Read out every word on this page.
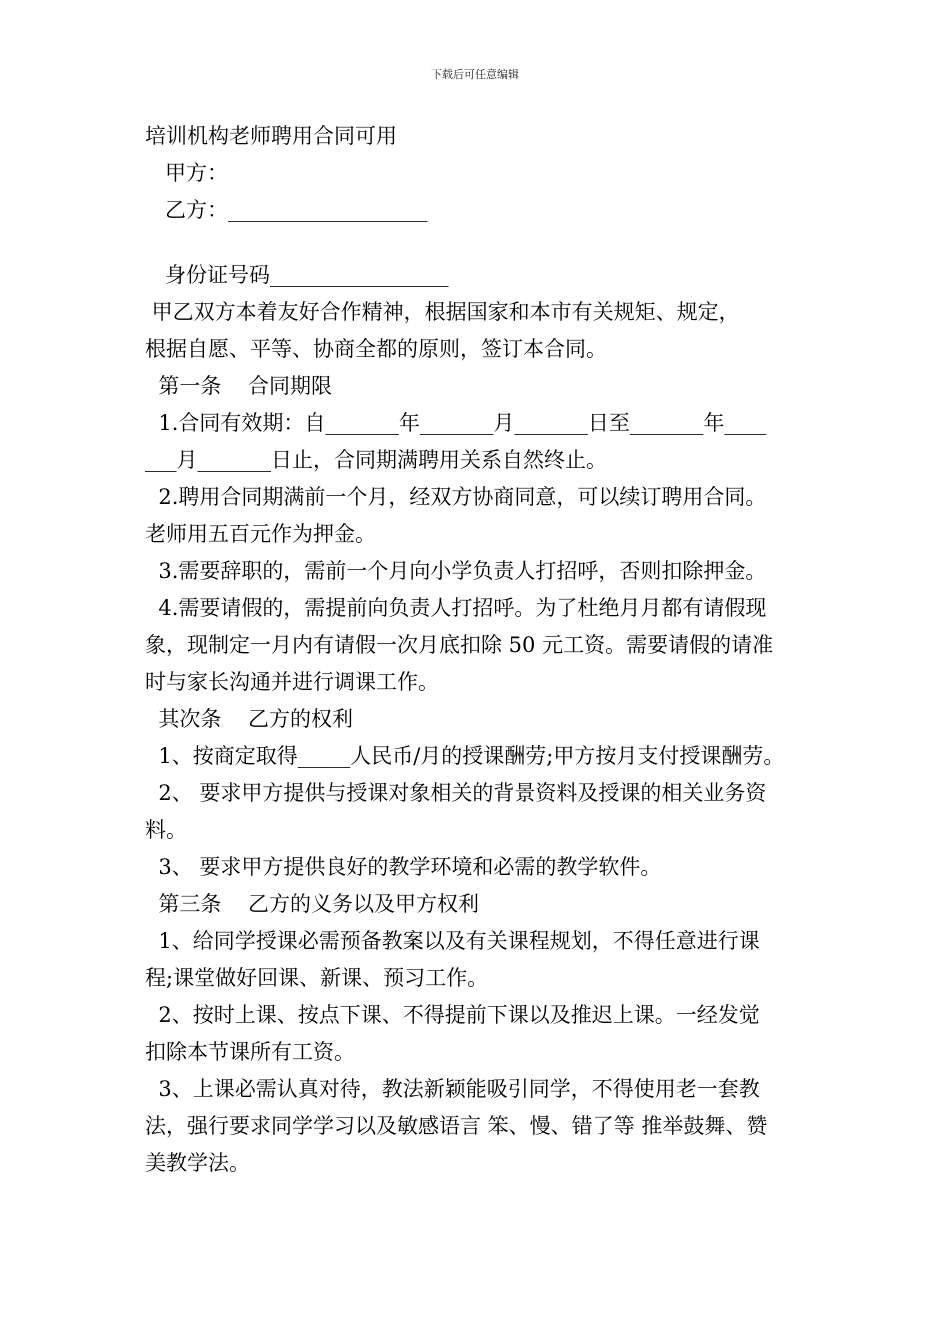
下载后可任意编辑
培训机构老师聘用合同可用
甲方：
乙方：___________________
身份证号码_________________
甲乙双方本着友好合作精神，根据国家和本市有关规矩、规定，
根据自愿、平等、协商全都的原则，签订本合同。
第一条    合同期限
1.合同有效期：自_______年_______月_______日至_______年____
___月_______日止，合同期满聘用关系自然终止。
2.聘用合同期满前一个月，经双方协商同意，可以续订聘用合同。
老师用五百元作为押金。
3.需要辞职的，需前一个月向小学负责人打招呼，否则扣除押金。
4.需要请假的，需提前向负责人打招呼。为了杜绝月月都有请假现
象，现制定一月内有请假一次月底扣除 50 元工资。需要请假的请准
时与家长沟通并进行调课工作。
其次条    乙方的权利
1、按商定取得_____人民币/月的授课酬劳;甲方按月支付授课酬劳。
2、 要求甲方提供与授课对象相关的背景资料及授课的相关业务资
料。
3、 要求甲方提供良好的教学环境和必需的教学软件。
第三条    乙方的义务以及甲方权利
1、给同学授课必需预备教案以及有关课程规划，不得任意进行课
程;课堂做好回课、新课、预习工作。
2、按时上课、按点下课、不得提前下课以及推迟上课。一经发觉
扣除本节课所有工资。
3、上课必需认真对待，教法新颖能吸引同学，不得使用老一套教
法，强行要求同学学习以及敏感语言 笨、慢、错了等 推举鼓舞、赞
美教学法。
